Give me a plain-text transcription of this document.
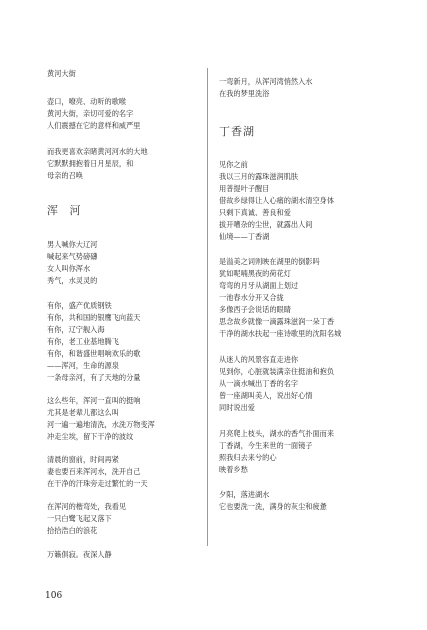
黄河大街
壶口，嘹亮、动听的歌喉
黄河大街，亲切可爱的名字
人们震撼在它的意样和威严里
而我更喜欢亲睹黄河河水的大地
它默默拥抱着日月星辰，和
母亲的召唤
浑 河
男人喊你大辽河
喊起来气势磅礴
女人叫你浑水
秀气，水灵灵的
有你，盛产优质钢铁
有你，共和国的银鹰飞向蓝天
有你，辽宁舰入海
有你，老工业基地腾飞
有你，和谐盛世唱响欢乐的歌
——浑河，生命的源泉
一条母亲河，有了天地的分量
这么些年，浑河一直叫的挺响
尤其是老辈儿都这么叫
河一遍一遍地清洗，水洗万物变浑
冲走尘埃，留下干净的波纹
清晨的窗前，时间再紧
妻也要百来浑河水，洗开自己
在干净的汗珠旁走过繁忙的一天
在浑河的楷弯处，我看见
一只白鹭飞起又落下
拾拾浩白的浪花
万籁俱寂。夜深人静
一弯新月，从浑河湾悄然入水
在我的梦里洗浴
丁香湖
见你之前
我以三月的露珠滋润肌肤
用普提叶子醒目
借故乡绿得让人心痛的湖水清空身体
只剩下真诚、善良和爱
拔开嘈杂的尘世，就露出人间
仙境——丁香湖
是溢美之词则映在湖里的倒影吗
犹如呢喃黑夜的荷花灯
弯弯的月牙从湖面上划过
一池春水分开又合拢
多像西子会说话的眼睛
思念故乡就像一滴露珠滋润一朵丁香
干净的湖水扶起一座诗歌里的沈阳名城
从迷人的风景容直走进你
见到你，心脏就装满亲住挺油和抱负
从一滴水喊出丁香的名字
曾一座湖叫美人，说出好心情
同时说出爱
月亮爬上枝头，湖水的香气扑面而来
丁香湖，今生来世的一面镜子
照我归去来兮的心
映着乡愁
夕阳，落进湖水
它也要洗一洗，满身的灰尘和疲惫
106
